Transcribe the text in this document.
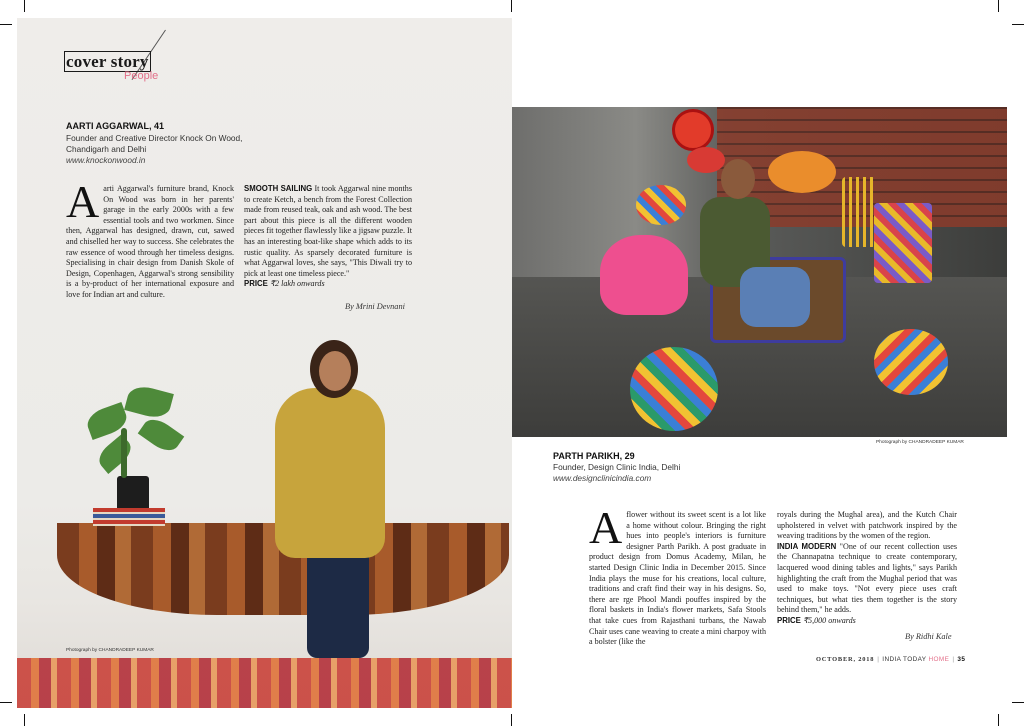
cover story
People
AARTI AGGARWAL, 41
Founder and Creative Director Knock On Wood,
Chandigarh and Delhi
www.knockonwood.in
Aarti Aggarwal's furniture brand, Knock On Wood was born in her parents' garage in the early 2000s with a few essential tools and two workmen. Since then, Aggarwal has designed, drawn, cut, sawed and chiselled her way to success. She celebrates the raw essence of wood through her timeless designs. Specialising in chair design from Danish Skole of Design, Copenhagen, Aggarwal's strong sensibility is a by-product of her international exposure and love for Indian art and culture.
SMOOTH SAILING It took Aggarwal nine months to create Ketch, a bench from the Forest Collection made from reused teak, oak and ash wood. The best part about this piece is all the different wooden pieces fit together flawlessly like a jigsaw puzzle. It has an interesting boat-like shape which adds to its rustic quality. As sparsely decorated furniture is what Aggarwal loves, she says, "This Diwali try to pick at least one timeless piece."
PRICE ₹2 lakh onwards
By Mrini Devnani
Photograph by CHANDRADEEP KUMAR
Photograph by CHANDRADEEP KUMAR
PARTH PARIKH, 29
Founder, Design Clinic India, Delhi
www.designclinicindia.com
A flower without its sweet scent is a lot like a home without colour. Bringing the right hues into people's interiors is furniture designer Parth Parikh. A post graduate in product design from Domus Academy, Milan, he started Design Clinic India in December 2015. Since India plays the muse for his creations, local culture, traditions and craft find their way in his designs. So, there are rge Phool Mandi pouffes inspired by the floral baskets in India's flower markets, Safa Stools that take cues from Rajasthani turbans, the Nawab Chair uses cane weaving to create a mini charpoy with a bolster (like the
royals during the Mughal area), and the Kutch Chair upholstered in velvet with patchwork inspired by the weaving traditions by the women of the region.
INDIA MODERN "One of our recent collection uses the Channapatna technique to create contemporary, lacquered wood dining tables and lights," says Parikh highlighting the craft from the Mughal period that was used to make toys. "Not every piece uses craft techniques, but what ties them together is the story behind them," he adds.
PRICE ₹5,000 onwards
By Ridhi Kale
OCTOBER, 2018 | INDIA TODAY HOME | 35
